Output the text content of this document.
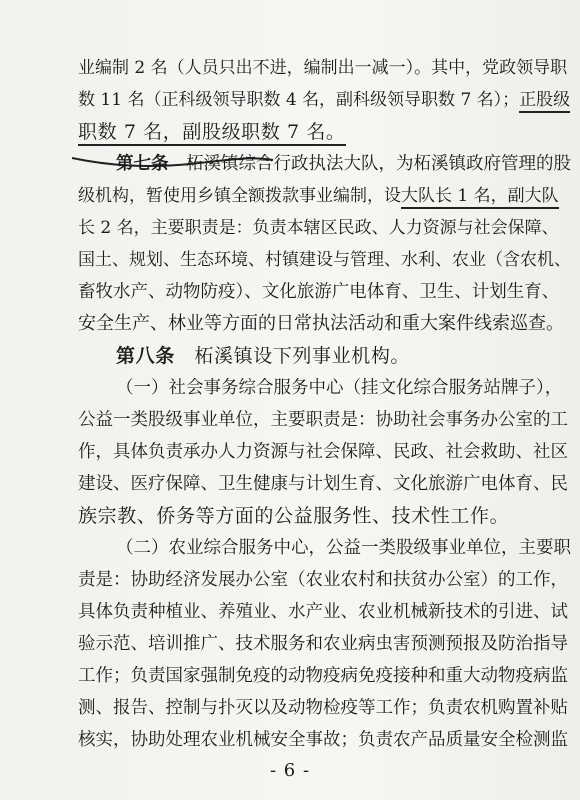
业编制 2 名（人员只出不进，编制出一减一）。其中，党政领导职
数 11 名（正科级领导职数 4 名，副科级领导职数 7 名）；正股级
职数 7 名，副股级职数 7 名。
第七条　 柘溪镇综合行政执法大队，为柘溪镇政府管理的股
级机构，暂使用乡镇全额拨款事业编制，设大队长 1 名，副大队
长 2 名，主要职责是：负责本辖区民政、人力资源与社会保障、
国土、规划、生态环境、村镇建设与管理、水利、农业（含农机、
畜牧水产、动物防疫）、文化旅游广电体育、卫生、计划生育、
安全生产、林业等方面的日常执法活动和重大案件线索巡查。
第八条　 柘溪镇设下列事业机构。
（一）社会事务综合服务中心（挂文化综合服务站牌子），
公益一类股级事业单位，主要职责是：协助社会事务办公室的工
作，具体负责承办人力资源与社会保障、民政、社会救助、社区
建设、医疗保障、卫生健康与计划生育、文化旅游广电体育、民
族宗教、侨务等方面的公益服务性、技术性工作。
（二）农业综合服务中心，公益一类股级事业单位，主要职
责是：协助经济发展办公室（农业农村和扶贫办公室）的工作，
具体负责种植业、养殖业、水产业、农业机械新技术的引进、试
验示范、培训推广、技术服务和农业病虫害预测预报及防治指导
工作；负责国家强制免疫的动物疫病免疫接种和重大动物疫病监
测、报告、控制与扑灭以及动物检疫等工作；负责农机购置补贴
核实，协助处理农业机械安全事故；负责农产品质量安全检测监
- 6 -
